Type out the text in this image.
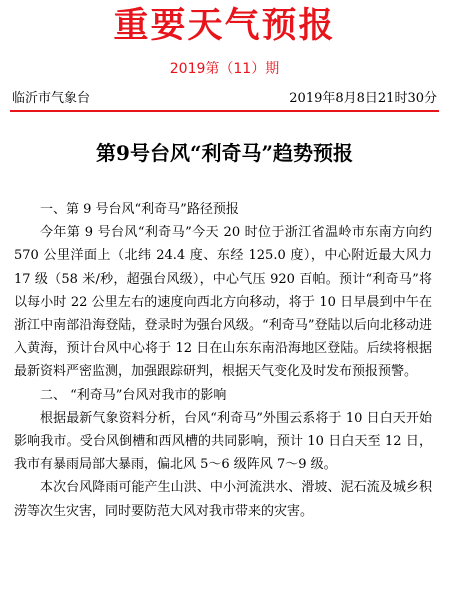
重要天气预报
2019第（11）期
临沂市气象台	2019年8月8日21时30分
第9号台风“利奇马”趋势预报

一、第 9 号台风“利奇马”路径预报

今年第 9 号台风“利奇马”今天 20 时位于浙江省温岭市东南方向约 570 公里洋面上（北纬 24.4 度、东经 125.0 度），中心附近最大风力 17 级（58 米/秒，超强台风级），中心气压 920 百帕。预计“利奇马”将以每小时 22 公里左右的速度向西北方向移动，将于 10 日早晨到中午在浙江中南部沿海登陆，登录时为强台风级。“利奇马”登陆以后向北移动进入黄海，预计台风中心将于 12 日在山东东南沿海地区登陆。后续将根据最新资料严密监测，加强跟踪研判，根据天气变化及时发布预报预警。

二、 “利奇马”台风对我市的影响

根据最新气象资料分析，台风“利奇马”外围云系将于 10 日白天开始影响我市。受台风倒槽和西风槽的共同影响，预计 10 日白天至 12 日，我市有暴雨局部大暴雨，偏北风 5～6 级阵风 7～9 级。

本次台风降雨可能产生山洪、中小河流洪水、滑坡、泥石流及城乡积涝等次生灾害，同时要防范大风对我市带来的灾害。
